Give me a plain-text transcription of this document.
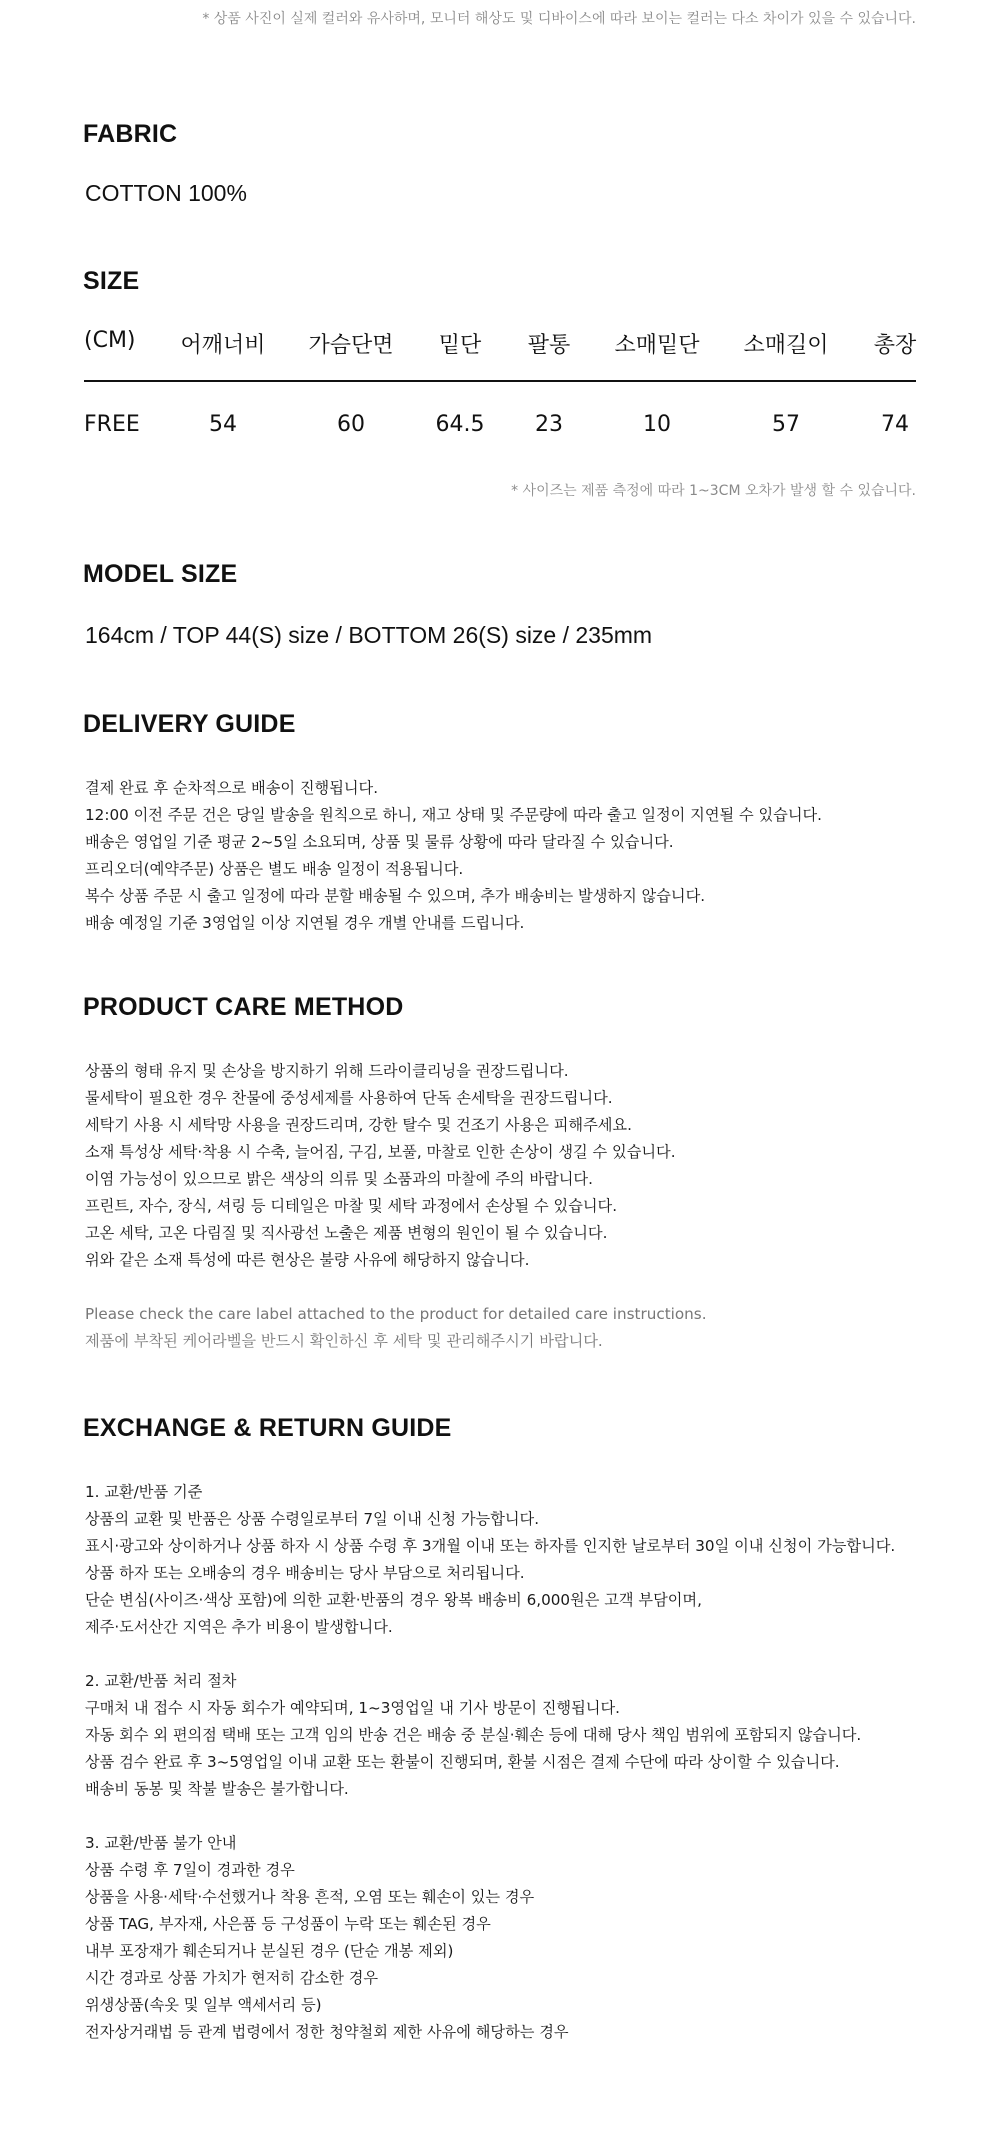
* 상품 사진이 실제 컬러와 유사하며, 모니터 해상도 및 디바이스에 따라 보이는 컬러는 다소 차이가 있을 수 있습니다.
FABRIC
COTTON 100%
SIZE
(CM) 어깨너비 가슴단면 밑단 팔통 소매밑단 소매길이 총장
FREE	54	60	64.5 23	10	57	74
* 사이즈는 제품 측정에 따라 1~3CM 오차가 발생 할 수 있습니다.
MODEL SIZE
164cm / TOP 44(S) size / BOTTOM 26(S) size / 235mm
DELIVERY GUIDE
결제 완료 후 순차적으로 배송이 진행됩니다.
12:00 이전 주문 건은 당일 발송을 원칙으로 하니, 재고 상태 및 주문량에 따라 출고 일정이 지연될 수 있습니다.
배송은 영업일 기준 평균 2~5일 소요되며, 상품 및 물류 상황에 따라 달라질 수 있습니다.
프리오더(예약주문) 상품은 별도 배송 일정이 적용됩니다.
복수 상품 주문 시 출고 일정에 따라 분할 배송될 수 있으며, 추가 배송비는 발생하지 않습니다.
배송 예정일 기준 3영업일 이상 지연될 경우 개별 안내를 드립니다.
PRODUCT CARE METHOD
상품의 형태 유지 및 손상을 방지하기 위해 드라이클리닝을 권장드립니다.
물세탁이 필요한 경우 찬물에 중성세제를 사용하여 단독 손세탁을 권장드립니다.
세탁기 사용 시 세탁망 사용을 권장드리며, 강한 탈수 및 건조기 사용은 피해주세요.
소재 특성상 세탁·착용 시 수축, 늘어짐, 구김, 보풀, 마찰로 인한 손상이 생길 수 있습니다.
이염 가능성이 있으므로 밝은 색상의 의류 및 소품과의 마찰에 주의 바랍니다.
프린트, 자수, 장식, 셔링 등 디테일은 마찰 및 세탁 과정에서 손상될 수 있습니다.
고온 세탁, 고온 다림질 및 직사광선 노출은 제품 변형의 원인이 될 수 있습니다.
위와 같은 소재 특성에 따른 현상은 불량 사유에 해당하지 않습니다.
Please check the care label attached to the product for detailed care instructions.
제품에 부착된 케어라벨을 반드시 확인하신 후 세탁 및 관리해주시기 바랍니다.
EXCHANGE & RETURN GUIDE
1. 교환/반품 기준
상품의 교환 및 반품은 상품 수령일로부터 7일 이내 신청 가능합니다.
표시·광고와 상이하거나 상품 하자 시 상품 수령 후 3개월 이내 또는 하자를 인지한 날로부터 30일 이내 신청이 가능합니다.
상품 하자 또는 오배송의 경우 배송비는 당사 부담으로 처리됩니다.
단순 변심(사이즈·색상 포함)에 의한 교환·반품의 경우 왕복 배송비 6,000원은 고객 부담이며,
제주·도서산간 지역은 추가 비용이 발생합니다.
2. 교환/반품 처리 절차
구매처 내 접수 시 자동 회수가 예약되며, 1~3영업일 내 기사 방문이 진행됩니다.
자동 회수 외 편의점 택배 또는 고객 임의 반송 건은 배송 중 분실·훼손 등에 대해 당사 책임 범위에 포함되지 않습니다.
상품 검수 완료 후 3~5영업일 이내 교환 또는 환불이 진행되며, 환불 시점은 결제 수단에 따라 상이할 수 있습니다.
배송비 동봉 및 착불 발송은 불가합니다.
3. 교환/반품 불가 안내
상품 수령 후 7일이 경과한 경우
상품을 사용·세탁·수선했거나 착용 흔적, 오염 또는 훼손이 있는 경우
상품 TAG, 부자재, 사은품 등 구성품이 누락 또는 훼손된 경우
내부 포장재가 훼손되거나 분실된 경우 (단순 개봉 제외)
시간 경과로 상품 가치가 현저히 감소한 경우
위생상품(속옷 및 일부 액세서리 등)
전자상거래법 등 관계 법령에서 정한 청약철회 제한 사유에 해당하는 경우
